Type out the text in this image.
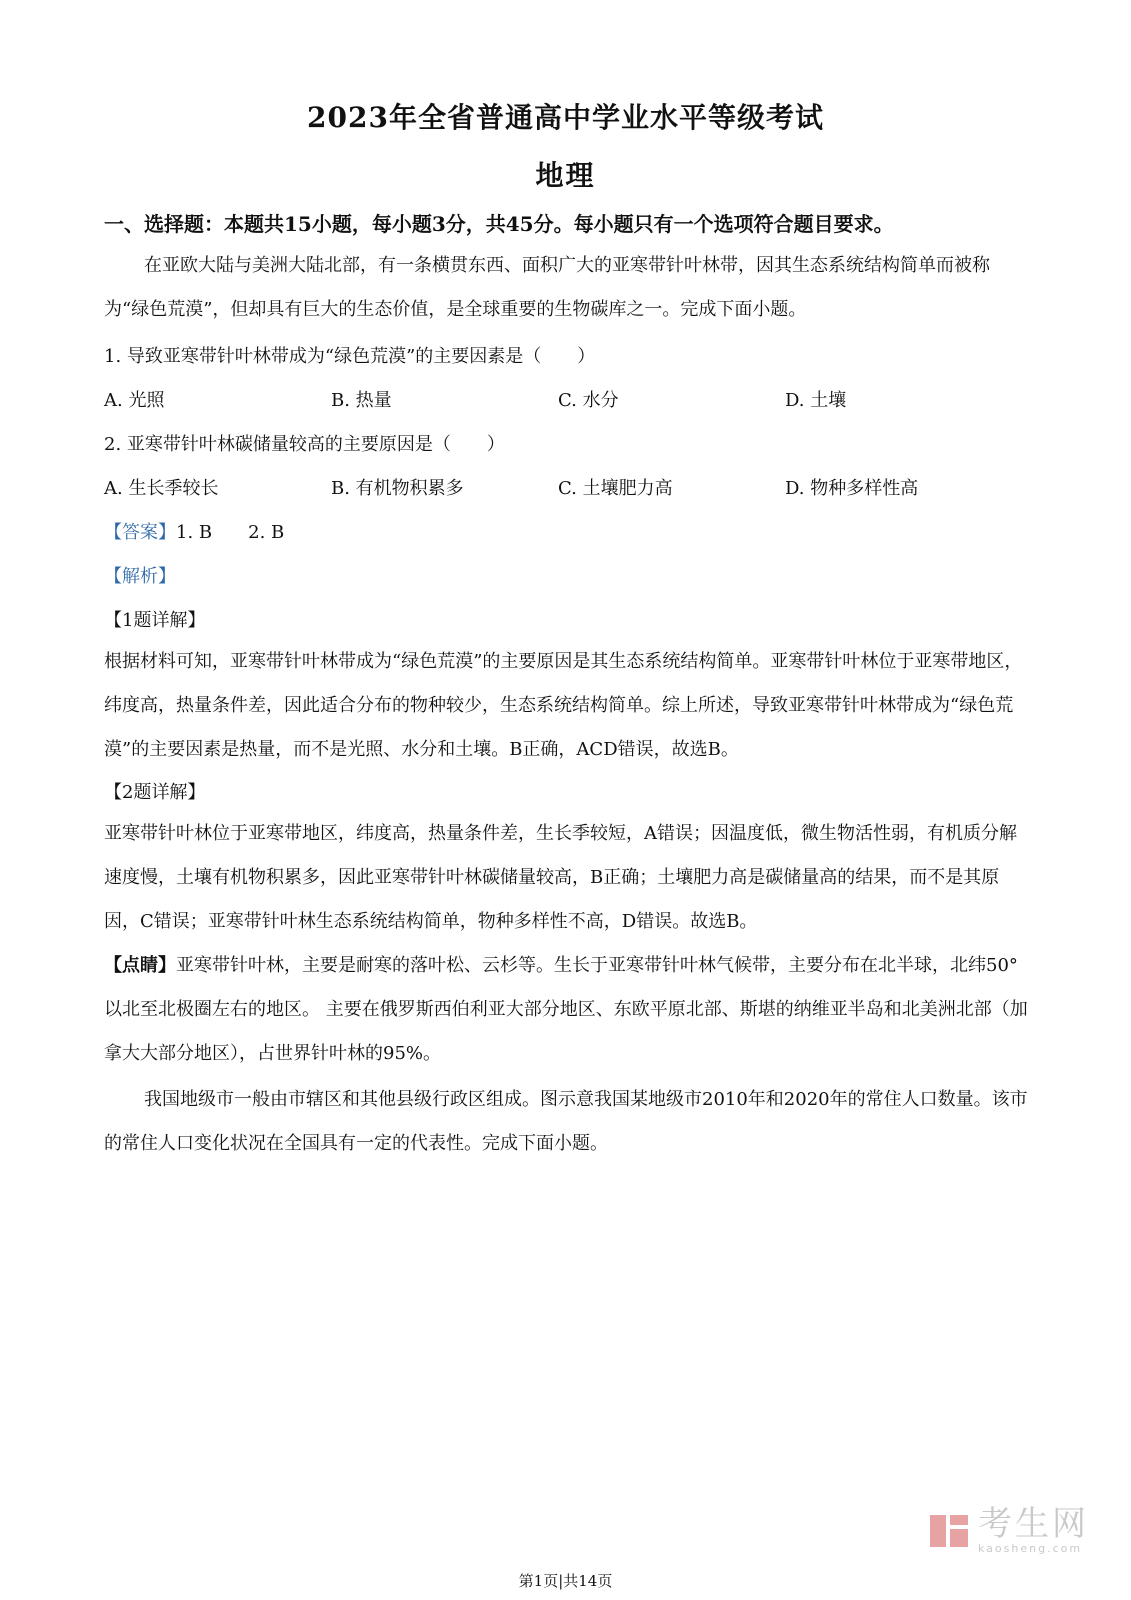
2023年全省普通高中学业水平等级考试
地理
一、选择题：本题共15小题，每小题3分，共45分。每小题只有一个选项符合题目要求。
在亚欧大陆与美洲大陆北部，有一条横贯东西、面积广大的亚寒带针叶林带，因其生态系统结构简单而被称为“绿色荒漠”，但却具有巨大的生态价值，是全球重要的生物碳库之一。完成下面小题。
1. 导致亚寒带针叶林带成为“绿色荒漠”的主要因素是（　　）
A. 光照	B. 热量	C. 水分	D. 土壤
2. 亚寒带针叶林碳储量较高的主要原因是（　　）
A. 生长季较长	B. 有机物积累多	C. 土壤肥力高	D. 物种多样性高
【答案】1. B　　2. B
【解析】
【1题详解】
根据材料可知，亚寒带针叶林带成为“绿色荒漠”的主要原因是其生态系统结构简单。亚寒带针叶林位于亚寒带地区，纬度高，热量条件差，因此适合分布的物种较少，生态系统结构简单。综上所述，导致亚寒带针叶林带成为“绿色荒漠”的主要因素是热量，而不是光照、水分和土壤。B正确，ACD错误，故选B。
【2题详解】
亚寒带针叶林位于亚寒带地区，纬度高，热量条件差，生长季较短，A错误；因温度低，微生物活性弱，有机质分解速度慢，土壤有机物积累多，因此亚寒带针叶林碳储量较高，B正确；土壤肥力高是碳储量高的结果，而不是其原因，C错误；亚寒带针叶林生态系统结构简单，物种多样性不高，D错误。故选B。
【点睛】亚寒带针叶林，主要是耐寒的落叶松、云杉等。生长于亚寒带针叶林气候带，主要分布在北半球，北纬50°以北至北极圈左右的地区。 主要在俄罗斯西伯利亚大部分地区、东欧平原北部、斯堪的纳维亚半岛和北美洲北部（加拿大大部分地区），占世界针叶林的95%。
我国地级市一般由市辖区和其他县级行政区组成。图示意我国某地级市2010年和2020年的常住人口数量。该市的常住人口变化状况在全国具有一定的代表性。完成下面小题。
考生网
kaosheng.com
第1页|共14页
